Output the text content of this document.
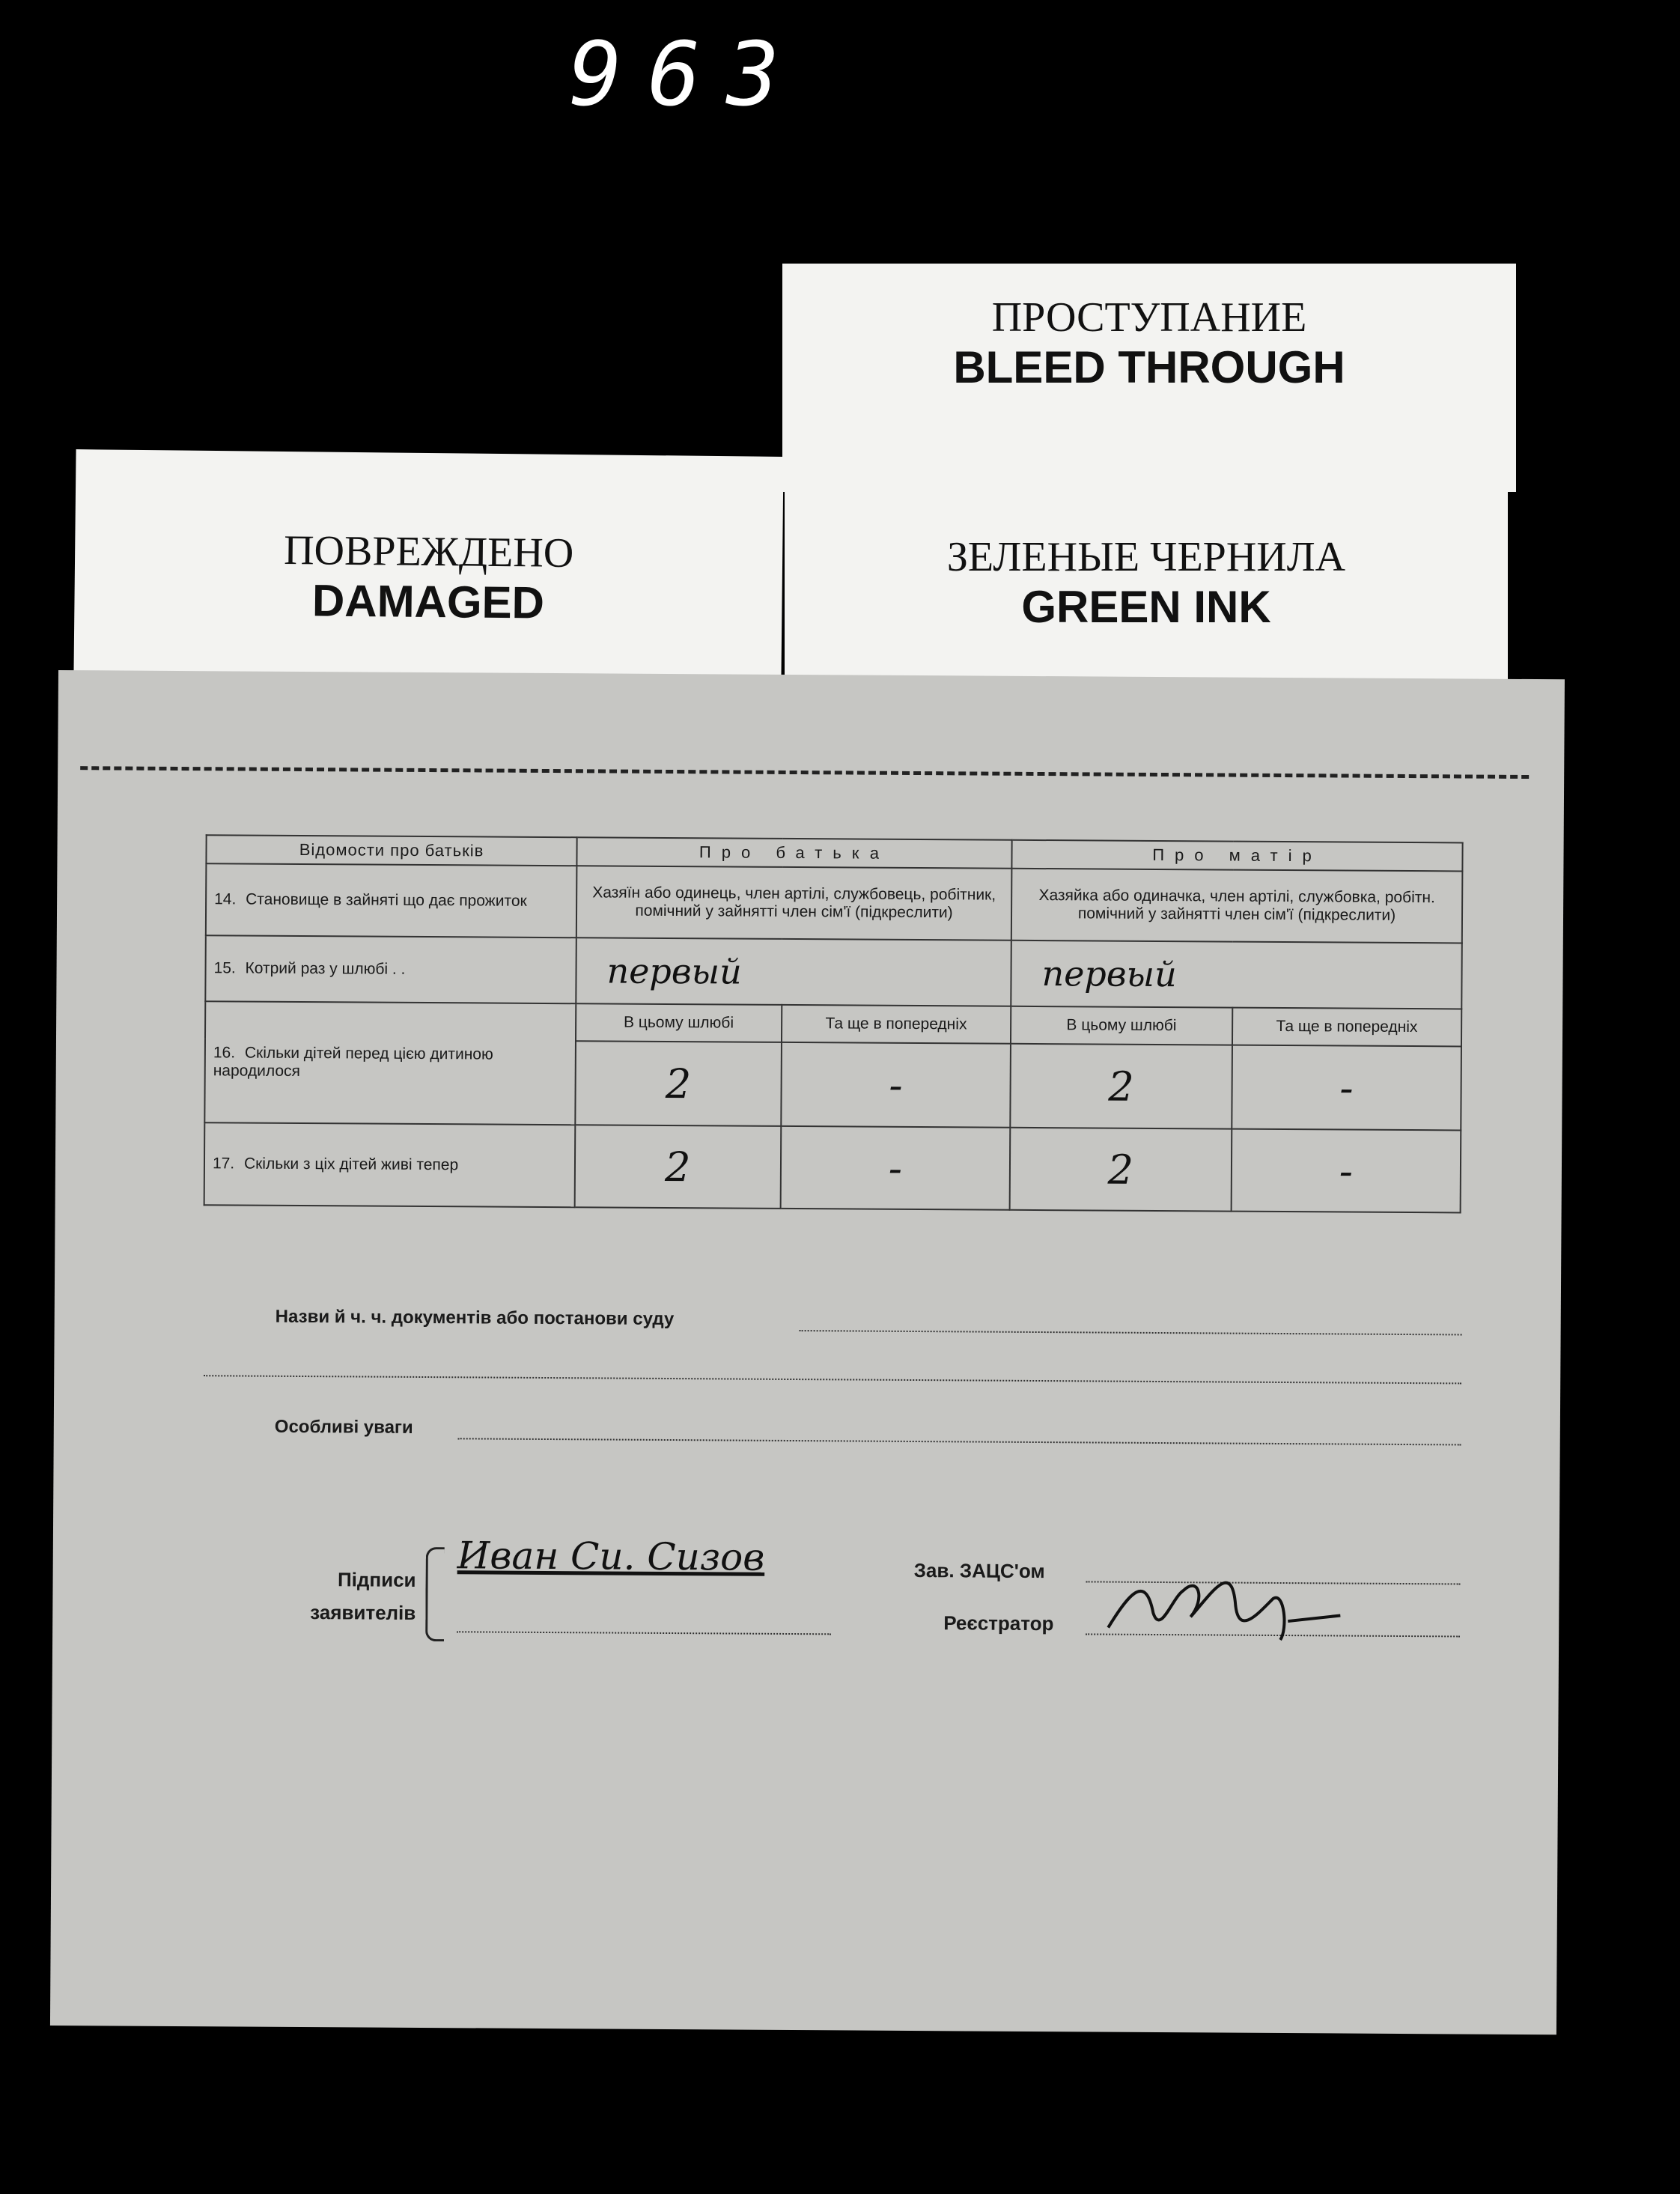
963
ПОВРЕЖДЕНО
DAMAGED
ПРОСТУПАНИЕ
BLEED THROUGH
ЗЕЛЕНЫЕ ЧЕРНИЛА
GREEN INK
Відомости про батьків	Про батька		Про матір	
14. Становище в зайняті що дає прожиток	Хазяїн або одинець, член артілі, службовець, робітник, помічний у зайнятті член сім'ї (підкреслити)		Хазяйка або одиначка, член артілі, службовка, робітн. помічний у зайнятті член сім'ї (підкреслити)	
15. Котрий раз у шлюбі . .	первый		первый	
16. Скільки дітей перед цією дитиною народилося	В цьому шлюбі	Та ще в попередніх	В цьому шлюбі	Та ще в попередніх
	2	-	2	-
17. Скільки з ціх дітей живі тепер	2	-	2	-
Назви й ч. ч. документів або постанови суду
Особливі уваги
Підписи
заявителів
Иван Си. Сизов	Зав. ЗАЦС'ом
Реєстратор
